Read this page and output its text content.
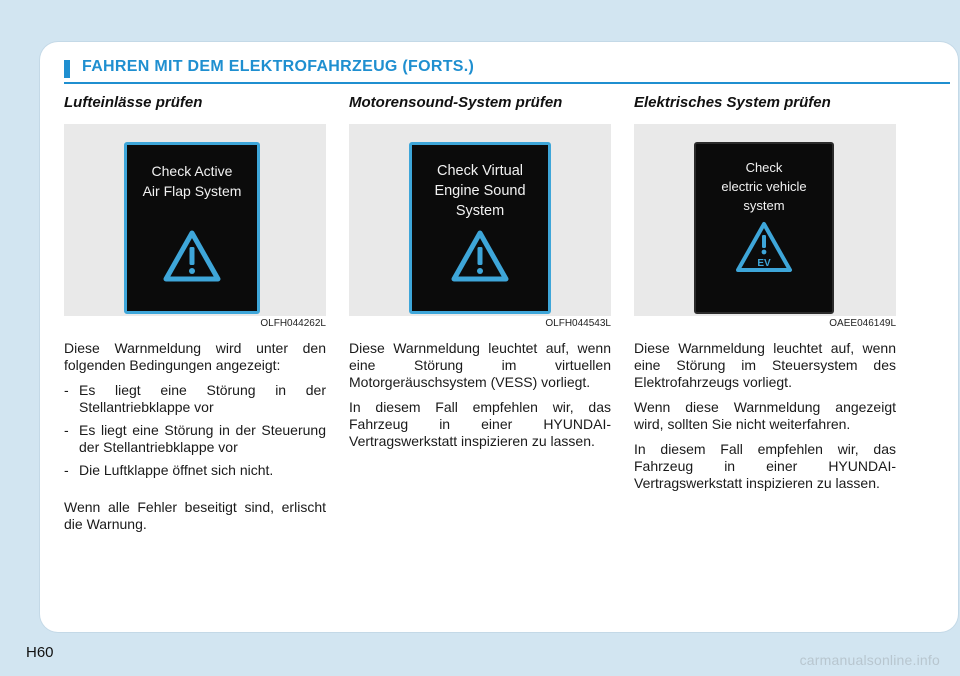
FAHREN MIT DEM ELEKTROFAHRZEUG (FORTS.)
Lufteinlässe prüfen
Check Active
Air Flap System
OLFH044262L

Diese Warnmeldung wird unter den folgenden Bedingungen angezeigt:

- Es liegt eine Störung in der Stellantriebklappe vor
- Es liegt eine Störung in der Steuerung der Stellantriebklappe vor
- Die Luftklappe öffnet sich nicht.

Wenn alle Fehler beseitigt sind, erlischt die Warnung.

Motorensound-System prüfen
Check Virtual
Engine Sound
System
OLFH044543L

Diese Warnmeldung leuchtet auf, wenn eine Störung im virtuellen Motorgeräuschsystem (VESS) vorliegt.

In diesem Fall empfehlen wir, das Fahrzeug in einer HYUNDAI-Vertragswerkstatt inspizieren zu lassen.

Elektrisches System prüfen
Check
electric vehicle
system
EV
OAEE046149L

Diese Warnmeldung leuchtet auf, wenn eine Störung im Steuersystem des Elektrofahrzeugs vorliegt.

Wenn diese Warnmeldung angezeigt wird, sollten Sie nicht weiterfahren.

In diesem Fall empfehlen wir, das Fahrzeug in einer HYUNDAI-Vertragswerkstatt inspizieren zu lassen.

H60	carmanualsonline.info
